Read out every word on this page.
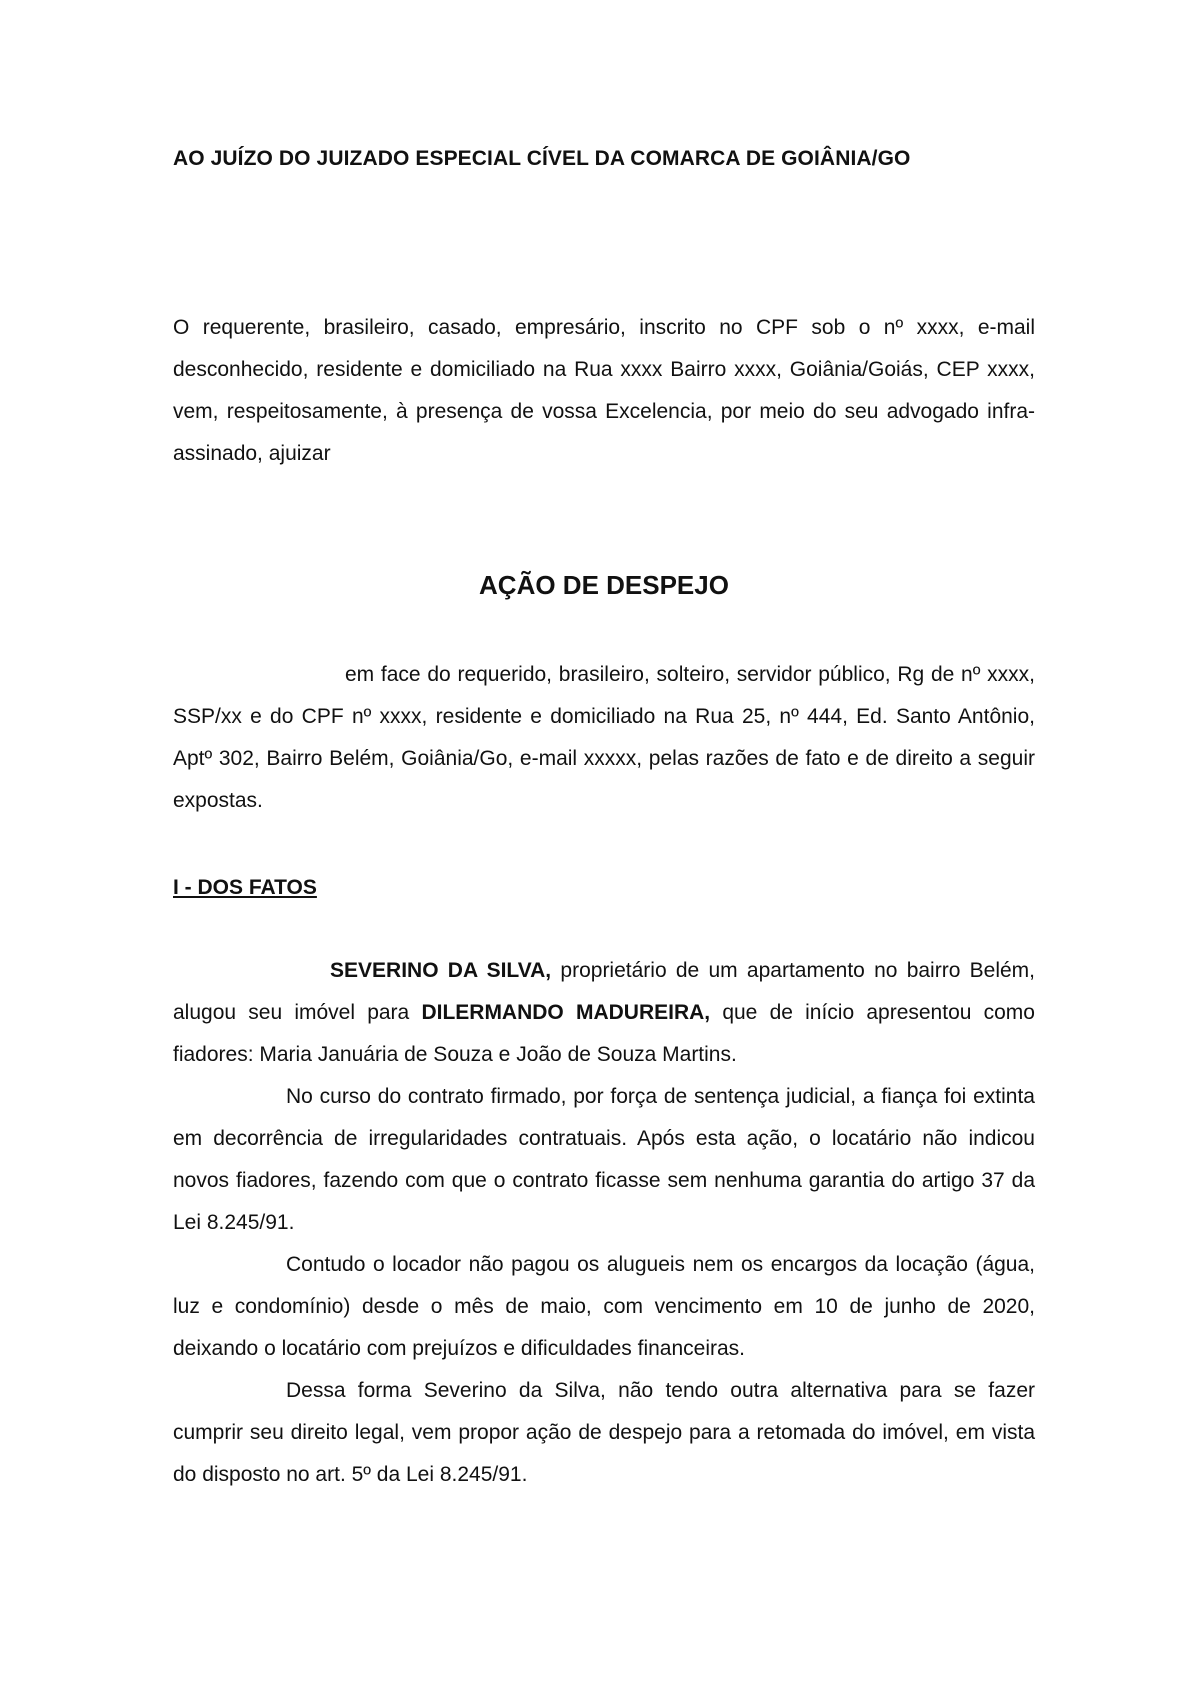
AO JUÍZO DO JUIZADO ESPECIAL CÍVEL DA COMARCA DE GOIÂNIA/GO

O requerente, brasileiro, casado, empresário, inscrito no CPF sob o nº xxxx, e-mail desconhecido, residente e domiciliado na Rua xxxx Bairro xxxx, Goiânia/Goiás, CEP xxxx, vem, respeitosamente, à presença de vossa Excelencia, por meio do seu advogado infra-assinado, ajuizar

AÇÃO DE DESPEJO

em face do requerido, brasileiro, solteiro, servidor público, Rg de nº xxxx, SSP/xx e do CPF nº xxxx, residente e domiciliado na Rua 25, nº 444, Ed. Santo Antônio, Aptº 302, Bairro Belém, Goiânia/Go, e-mail xxxxx, pelas razões de fato e de direito a seguir expostas.

I - DOS FATOS

SEVERINO DA SILVA, proprietário de um apartamento no bairro Belém, alugou seu imóvel para DILERMANDO MADUREIRA, que de início apresentou como fiadores: Maria Januária de Souza e João de Souza Martins.

No curso do contrato firmado, por força de sentença judicial, a fiança foi extinta em decorrência de irregularidades contratuais. Após esta ação, o locatário não indicou novos fiadores, fazendo com que o contrato ficasse sem nenhuma garantia do artigo 37 da Lei 8.245/91.

Contudo o locador não pagou os alugueis nem os encargos da locação (água, luz e condomínio) desde o mês de maio, com vencimento em 10 de junho de 2020, deixando o locatário com prejuízos e dificuldades financeiras.

Dessa forma Severino da Silva, não tendo outra alternativa para se fazer cumprir seu direito legal, vem propor ação de despejo para a retomada do imóvel, em vista do disposto no art. 5º da Lei 8.245/91.
